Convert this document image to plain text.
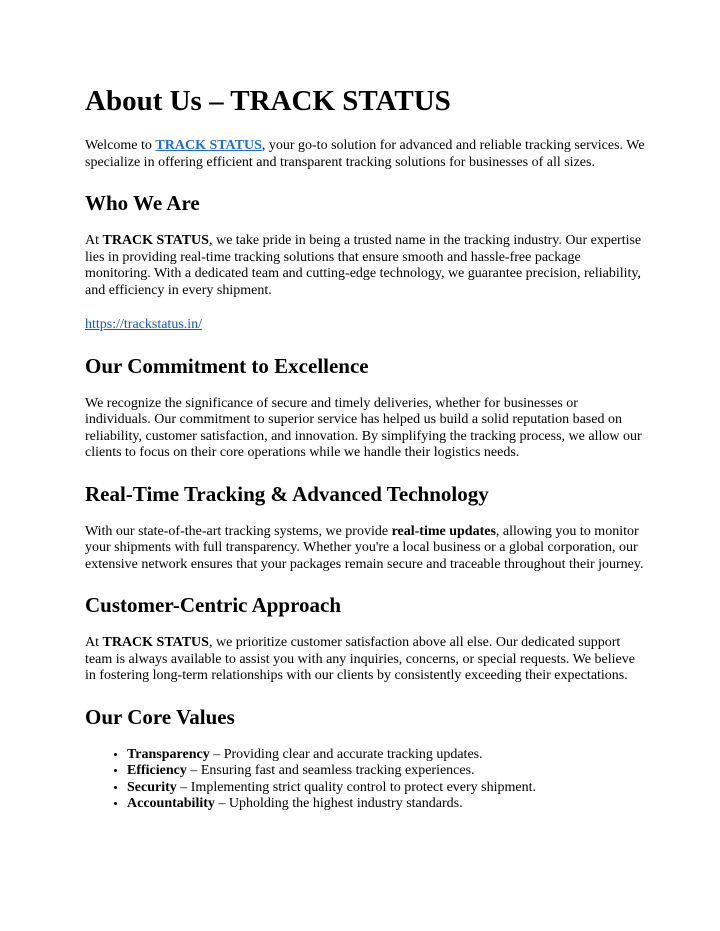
About Us – TRACK STATUS

Welcome to TRACK STATUS, your go-to solution for advanced and reliable tracking services. We specialize in offering efficient and transparent tracking solutions for businesses of all sizes.

Who We Are

At TRACK STATUS, we take pride in being a trusted name in the tracking industry. Our expertise lies in providing real-time tracking solutions that ensure smooth and hassle-free package monitoring. With a dedicated team and cutting-edge technology, we guarantee precision, reliability, and efficiency in every shipment.

https://trackstatus.in/

Our Commitment to Excellence

We recognize the significance of secure and timely deliveries, whether for businesses or individuals. Our commitment to superior service has helped us build a solid reputation based on reliability, customer satisfaction, and innovation. By simplifying the tracking process, we allow our clients to focus on their core operations while we handle their logistics needs.

Real-Time Tracking & Advanced Technology

With our state-of-the-art tracking systems, we provide real-time updates, allowing you to monitor your shipments with full transparency. Whether you're a local business or a global corporation, our extensive network ensures that your packages remain secure and traceable throughout their journey.

Customer-Centric Approach

At TRACK STATUS, we prioritize customer satisfaction above all else. Our dedicated support team is always available to assist you with any inquiries, concerns, or special requests. We believe in fostering long-term relationships with our clients by consistently exceeding their expectations.

Our Core Values
• Transparency – Providing clear and accurate tracking updates.
• Efficiency – Ensuring fast and seamless tracking experiences.
• Security – Implementing strict quality control to protect every shipment.
• Accountability – Upholding the highest industry standards.
